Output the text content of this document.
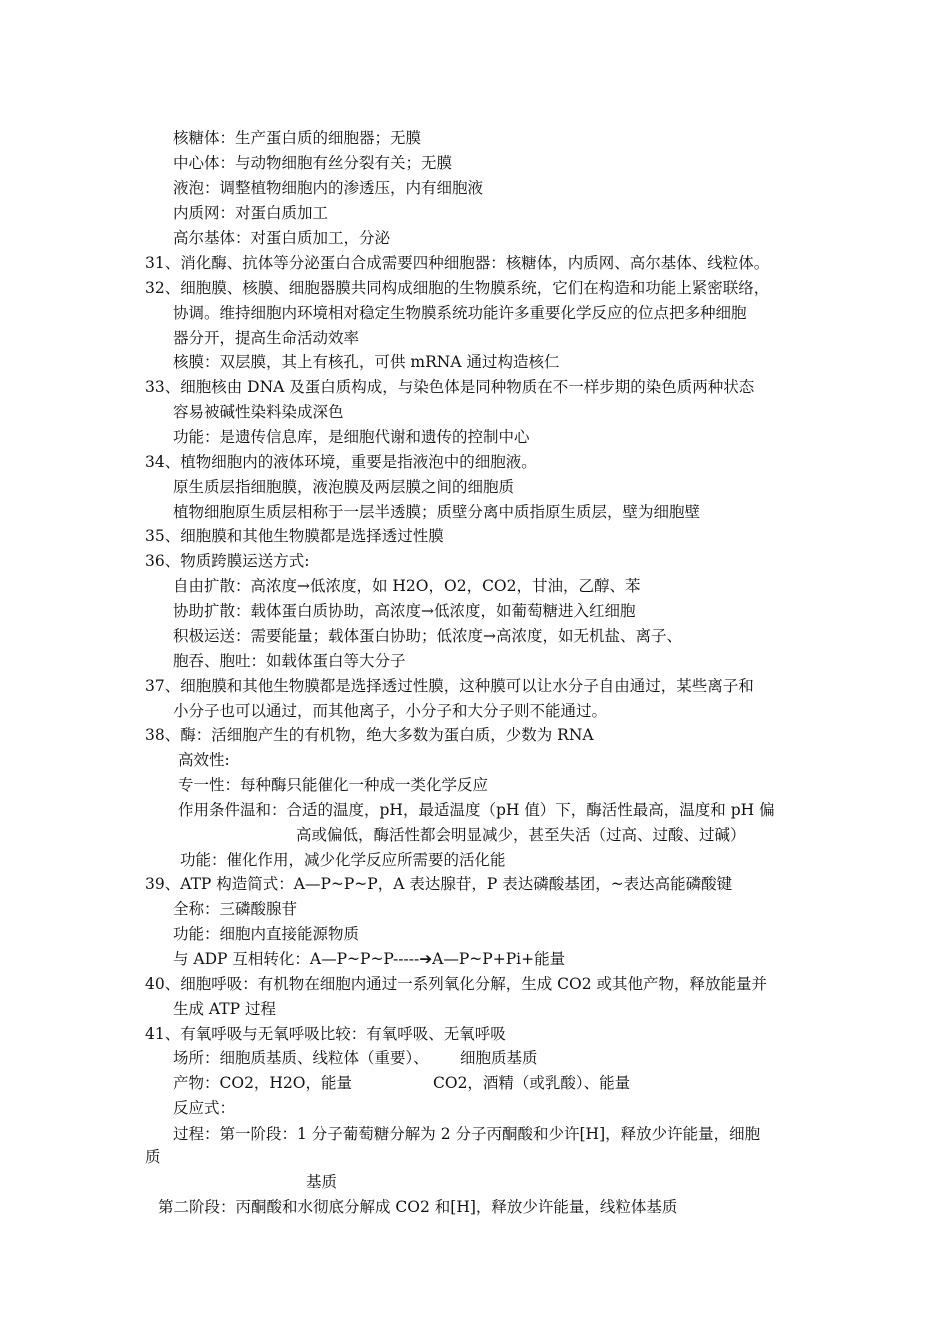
核糖体：生产蛋白质的细胞器；无膜
中心体：与动物细胞有丝分裂有关；无膜
液泡：调整植物细胞内的渗透压，内有细胞液
内质网：对蛋白质加工
高尔基体：对蛋白质加工，分泌
31、消化酶、抗体等分泌蛋白合成需要四种细胞器：核糖体，内质网、高尔基体、线粒体。
32、细胞膜、核膜、细胞器膜共同构成细胞的生物膜系统，它们在构造和功能上紧密联络，
协调。维持细胞内环境相对稳定生物膜系统功能许多重要化学反应的位点把多种细胞
器分开，提高生命活动效率
核膜：双层膜，其上有核孔，可供 mRNA 通过构造核仁
33、细胞核由 DNA 及蛋白质构成，与染色体是同种物质在不一样步期的染色质两种状态
容易被碱性染料染成深色
功能：是遗传信息库，是细胞代谢和遗传的控制中心
34、植物细胞内的液体环境，重要是指液泡中的细胞液。
原生质层指细胞膜，液泡膜及两层膜之间的细胞质
植物细胞原生质层相称于一层半透膜；质壁分离中质指原生质层，壁为细胞壁
35、细胞膜和其他生物膜都是选择透过性膜
36、物质跨膜运送方式:
自由扩散：高浓度→低浓度，如 H2O，O2，CO2，甘油，乙醇、苯
协助扩散：载体蛋白质协助，高浓度→低浓度，如葡萄糖进入红细胞
积极运送：需要能量；载体蛋白协助；低浓度→高浓度，如无机盐、离子、
胞吞、胞吐：如载体蛋白等大分子
37、细胞膜和其他生物膜都是选择透过性膜，这种膜可以让水分子自由通过，某些离子和
小分子也可以通过，而其他离子，小分子和大分子则不能通过。
38、酶：活细胞产生的有机物，绝大多数为蛋白质，少数为 RNA
高效性:
专一性：每种酶只能催化一种成一类化学反应
作用条件温和：合适的温度，pH，最适温度（pH 值）下，酶活性最高，温度和 pH 偏
高或偏低，酶活性都会明显减少，甚至失活（过高、过酸、过碱）
功能：催化作用，减少化学反应所需要的活化能
39、ATP 构造简式：A—P~P~P，A 表达腺苷，P 表达磷酸基团，~表达高能磷酸键
全称：三磷酸腺苷
功能：细胞内直接能源物质
与 ADP 互相转化：A—P~P~P-----➔A—P~P+Pi+能量
40、细胞呼吸：有机物在细胞内通过一系列氧化分解，生成 CO2 或其他产物，释放能量并
生成 ATP 过程
41、有氧呼吸与无氧呼吸比较：有氧呼吸、无氧呼吸
场所：细胞质基质、线粒体（重要）、 细胞质基质
产物：CO2，H2O，能量	CO2，酒精（或乳酸）、能量
反应式：
过程：第一阶段：1 分子葡萄糖分解为 2 分子丙酮酸和少许[H]，释放少许能量，细胞
质
基质
第二阶段：丙酮酸和水彻底分解成 CO2 和[H]，释放少许能量，线粒体基质
